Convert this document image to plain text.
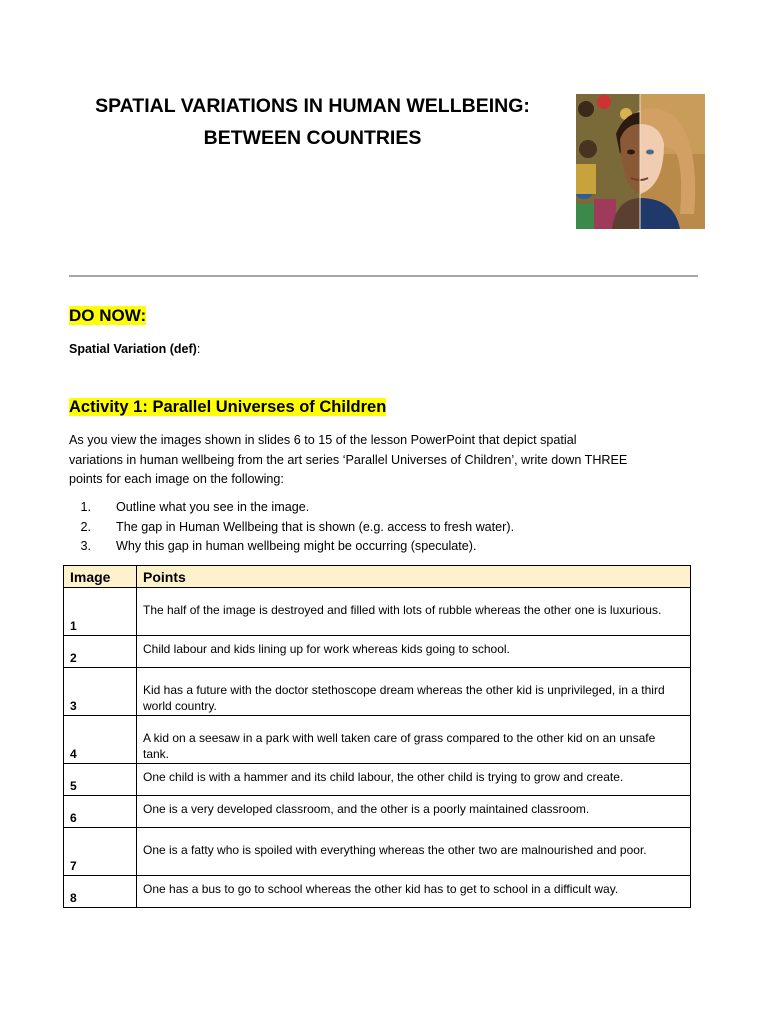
SPATIAL VARIATIONS IN HUMAN WELLBEING:
BETWEEN COUNTRIES
DO NOW:
Spatial Variation (def):
Activity 1: Parallel Universes of Children
As you view the images shown in slides 6 to 15 of the lesson PowerPoint that depict spatial
variations in human wellbeing from the art series ‘Parallel Universes of Children’, write down THREE
points for each image on the following:
1. Outline what you see in the image.
2. The gap in Human Wellbeing that is shown (e.g. access to fresh water).
3. Why this gap in human wellbeing might be occurring (speculate).
Image	Points
1	The half of the image is destroyed and filled with lots of rubble whereas the other one is luxurious.
2	Child labour and kids lining up for work whereas kids going to school.
3	Kid has a future with the doctor stethoscope dream whereas the other kid is unprivileged, in a third world country.
4	A kid on a seesaw in a park with well taken care of grass compared to the other kid on an unsafe tank.
5	One child is with a hammer and its child labour, the other child is trying to grow and create.
6	One is a very developed classroom, and the other is a poorly maintained classroom.
7	One is a fatty who is spoiled with everything whereas the other two are malnourished and poor.
8	One has a bus to go to school whereas the other kid has to get to school in a difficult way.
